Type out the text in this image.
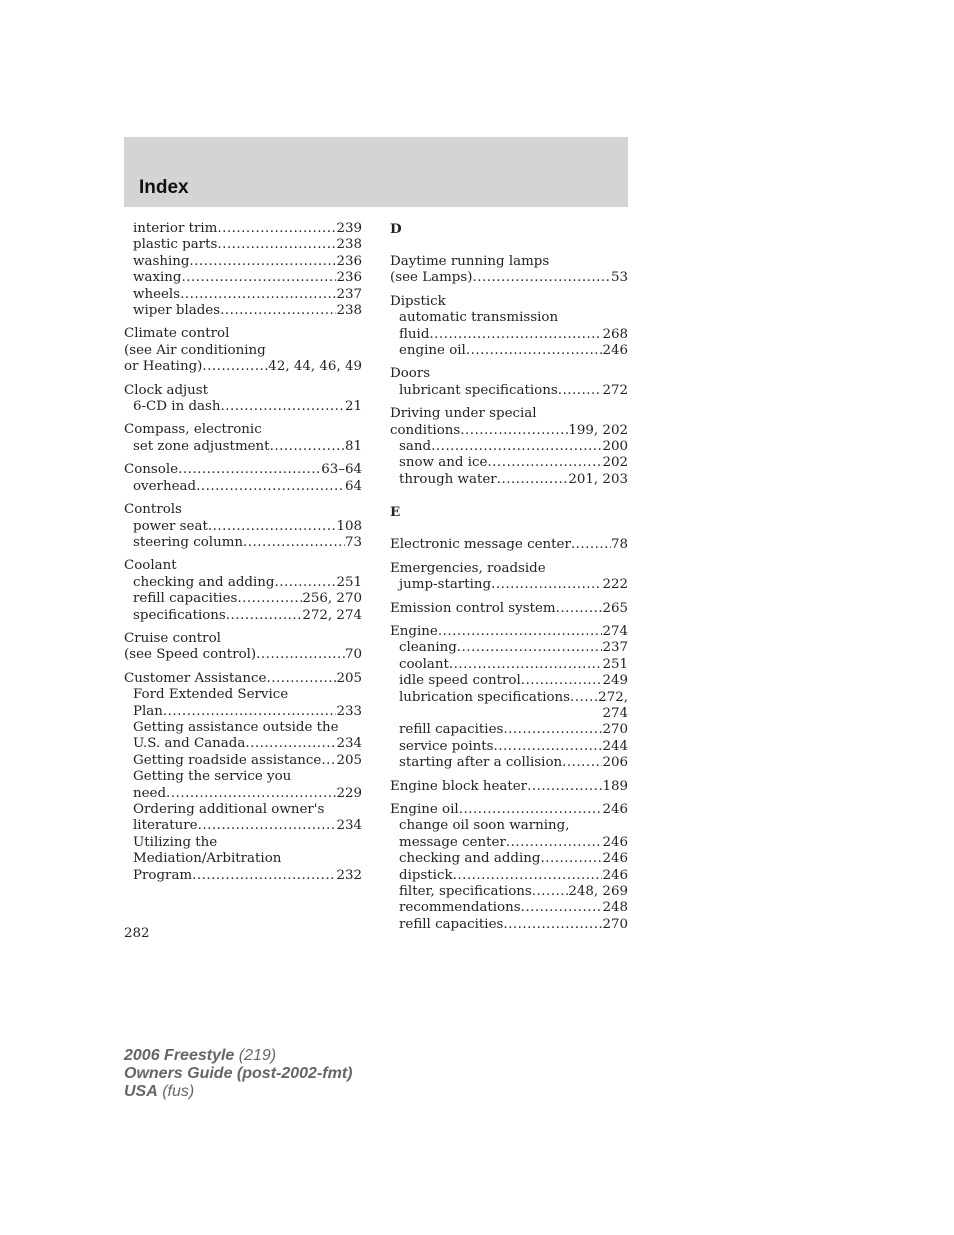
Index
interior trim .....	239
plastic parts .....	238
washing .....	236
waxing .....	236
wheels .....	237
wiper blades .....	238
Climate control
(see Air conditioning
or Heating) .....	42, 44, 46, 49
Clock adjust
6-CD in dash .....	21
Compass, electronic
set zone adjustment .....	81
Console .....	63–64
overhead .....	64
Controls
power seat .....	108
steering column .....	73
Coolant
checking and adding .....	251
refill capacities .....	256, 270
specifications .....	272, 274
Cruise control
(see Speed control) .....	70
Customer Assistance .....	205
Ford Extended Service
Plan .....	233
Getting assistance outside the
U.S. and Canada .....	234
Getting roadside assistance ..... 205
Getting the service you
need .....	229
Ordering additional owner's
literature .....	234
Utilizing the
Mediation/Arbitration
Program .....	232
D
Daytime running lamps
(see Lamps) .....	53
Dipstick
automatic transmission
fluid .....	268
engine oil .....	246
Doors
lubricant specifications .....	272
Driving under special
conditions .....	199, 202
sand .....	200
snow and ice .....	202
through water .....	201, 203
E
Electronic message center .....	78
Emergencies, roadside
jump-starting .....	222
Emission control system .....	265
Engine .....	274
cleaning .....	237
coolant .....	251
idle speed control .....	249
lubrication specifications ..... 272,
274
refill capacities .....	270
service points .....	244
starting after a collision .....	206
Engine block heater .....	189
Engine oil .....	246
change oil soon warning,
message center .....	246
checking and adding .....	246
dipstick .....	246
filter, specifications .....	248, 269
recommendations .....	248
refill capacities .....	270
282
2006 Freestyle (219)
Owners Guide (post-2002-fmt)
USA (fus)
